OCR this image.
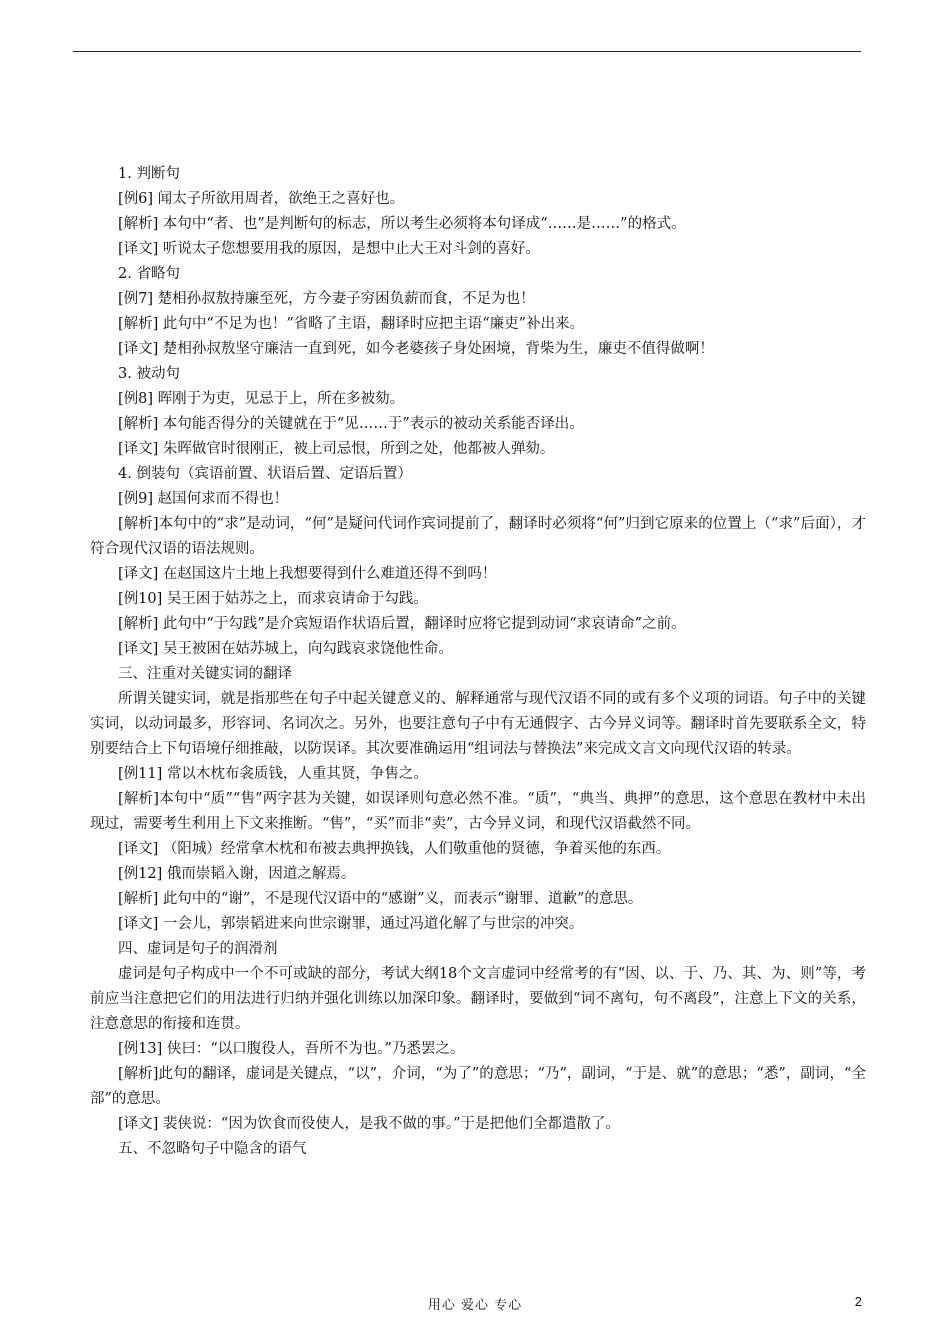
1. 判断句
[例6] 闻太子所欲用周者，欲绝王之喜好也。
[解析] 本句中“者、也”是判断句的标志，所以考生必须将本句译成“……是……”的格式。
[译文] 听说太子您想要用我的原因，是想中止大王对斗剑的喜好。
2. 省略句
[例7] 楚相孙叔敖持廉至死，方今妻子穷困负薪而食，不足为也！
[解析] 此句中“不足为也！”省略了主语，翻译时应把主语“廉吏”补出来。
[译文] 楚相孙叔敖坚守廉洁一直到死，如今老婆孩子身处困境，背柴为生，廉吏不值得做啊！
3. 被动句
[例8] 晖刚于为吏，见忌于上，所在多被劾。
[解析] 本句能否得分的关键就在于“见……于”表示的被动关系能否译出。
[译文] 朱晖做官时很刚正，被上司忌恨，所到之处，他都被人弹劾。
4. 倒装句（宾语前置、状语后置、定语后置）
[例9] 赵国何求而不得也！

[解析]本句中的“求”是动词，“何”是疑问代词作宾词提前了，翻译时必须将“何”归到它原来的位置上（“求”后面），才符合现代汉语的语法规则。

[译文] 在赵国这片土地上我想要得到什么难道还得不到吗！
[例10] 吴王困于姑苏之上，而求哀请命于勾践。
[解析] 此句中“于勾践”是介宾短语作状语后置，翻译时应将它提到动词“求哀请命”之前。
[译文] 吴王被困在姑苏城上，向勾践哀求饶他性命。
三、注重对关键实词的翻译

所谓关键实词，就是指那些在句子中起关键意义的、解释通常与现代汉语不同的或有多个义项的词语。句子中的关键实词，以动词最多，形容词、名词次之。另外，也要注意句子中有无通假字、古今异义词等。翻译时首先要联系全文，特别要结合上下句语境仔细推敲，以防误译。其次要准确运用“组词法与替换法”来完成文言文向现代汉语的转录。

[例11] 常以木枕布衾质钱，人重其贤，争售之。

[解析]本句中“质”“售”两字甚为关键，如误译则句意必然不准。“质”，“典当、典押”的意思，这个意思在教材中未出现过，需要考生利用上下文来推断。“售”，“买”而非“卖”，古今异义词，和现代汉语截然不同。

[译文] （阳城）经常拿木枕和布被去典押换钱，人们敬重他的贤德，争着买他的东西。
[例12] 俄而崇韬入谢，因道之解焉。
[解析] 此句中的“谢”，不是现代汉语中的“感谢”义，而表示“谢罪、道歉”的意思。
[译文] 一会儿，郭崇韬进来向世宗谢罪，通过冯道化解了与世宗的冲突。
四、虚词是句子的润滑剂

虚词是句子构成中一个不可或缺的部分，考试大纲18个文言虚词中经常考的有“因、以、于、乃、其、为、则”等，考前应当注意把它们的用法进行归纳并强化训练以加深印象。翻译时，要做到“词不离句，句不离段”，注意上下文的关系，注意意思的衔接和连贯。

[例13] 侠曰：“以口腹役人，吾所不为也。”乃悉罢之。

[解析]此句的翻译，虚词是关键点，“以”，介词，“为了”的意思；“乃”，副词，“于是、就”的意思；“悉”，副词，“全部”的意思。

[译文] 裴侠说：“因为饮食而役使人，是我不做的事。”于是把他们全都遣散了。
五、不忽略句子中隐含的语气
用心 爱心 专心	2
